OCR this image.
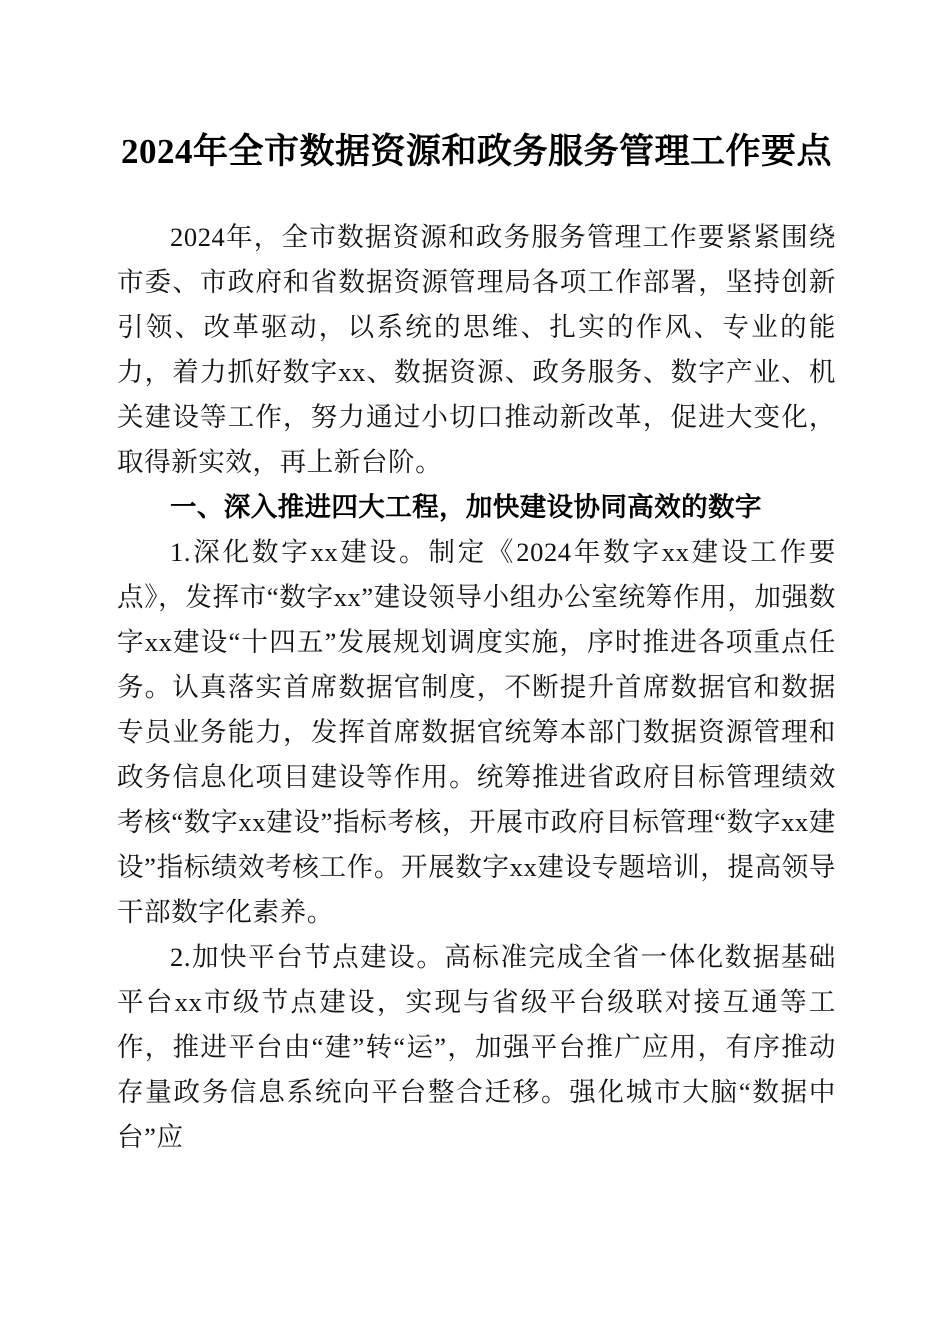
2024年全市数据资源和政务服务管理工作要点

2024年，全市数据资源和政务服务管理工作要紧紧围绕市委、市政府和省数据资源管理局各项工作部署，坚持创新引领、改革驱动，以系统的思维、扎实的作风、专业的能力，着力抓好数字xx、数据资源、政务服务、数字产业、机关建设等工作，努力通过小切口推动新改革，促进大变化，取得新实效，再上新台阶。

一、深入推进四大工程，加快建设协同高效的数字

1.深化数字xx建设。制定《2024年数字xx建设工作要点》，发挥市“数字xx”建设领导小组办公室统筹作用，加强数字xx建设“十四五”发展规划调度实施，序时推进各项重点任务。认真落实首席数据官制度，不断提升首席数据官和数据专员业务能力，发挥首席数据官统筹本部门数据资源管理和政务信息化项目建设等作用。统筹推进省政府目标管理绩效考核“数字xx建设”指标考核，开展市政府目标管理“数字xx建设”指标绩效考核工作。开展数字xx建设专题培训，提高领导干部数字化素养。

2.加快平台节点建设。高标准完成全省一体化数据基础平台xx市级节点建设，实现与省级平台级联对接互通等工作，推进平台由“建”转“运”，加强平台推广应用，有序推动存量政务信息系统向平台整合迁移。强化城市大脑“数据中台”应
